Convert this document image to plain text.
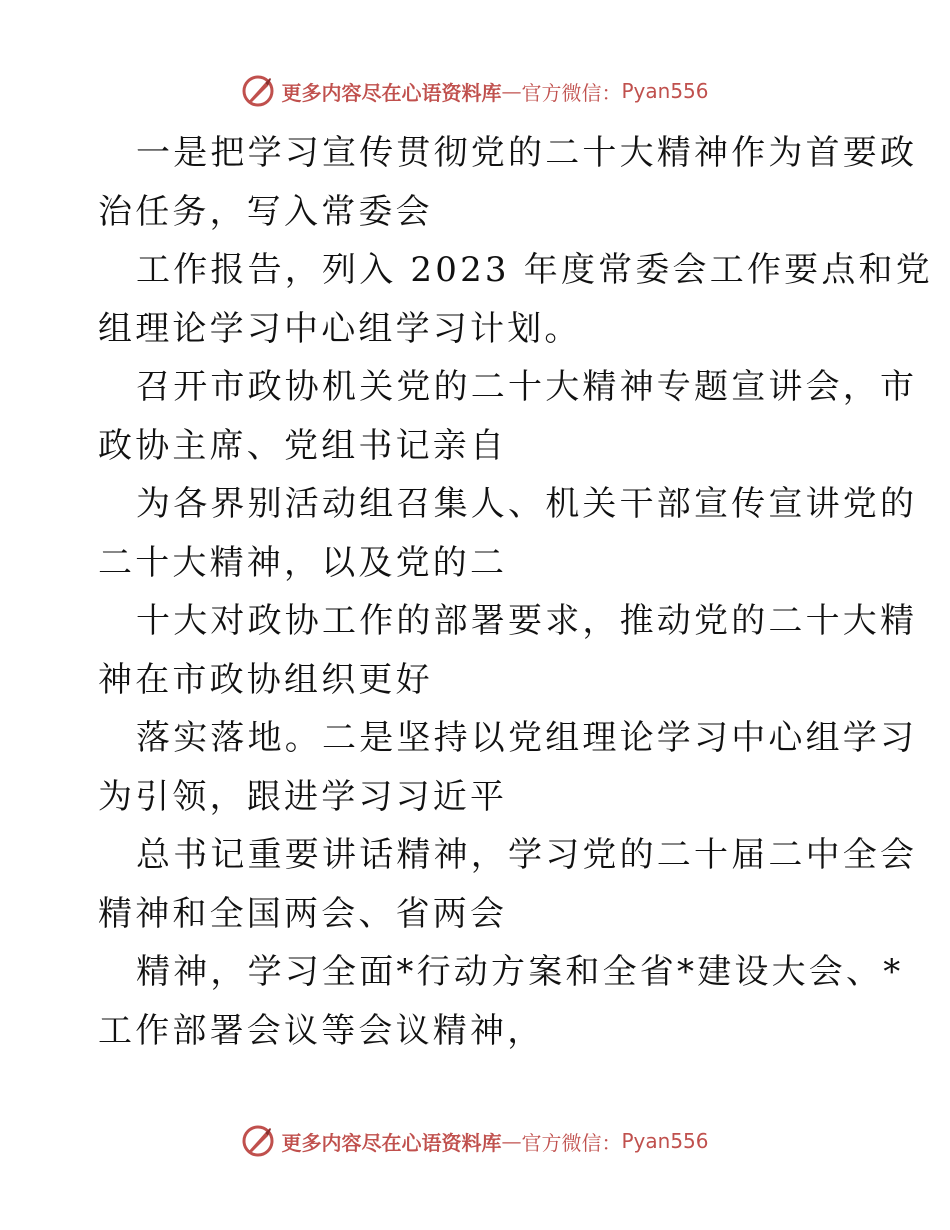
更多内容尽在心语资料库 — 官方微信： Pyan556
一是把学习宣传贯彻党的二十大精神作为首要政
治任务，写入常委会
工作报告，列入 2023 年度常委会工作要点和党
组理论学习中心组学习计划。
召开市政协机关党的二十大精神专题宣讲会，市
政协主席、党组书记亲自
为各界别活动组召集人、机关干部宣传宣讲党的
二十大精神，以及党的二
十大对政协工作的部署要求，推动党的二十大精
神在市政协组织更好
落实落地。二是坚持以党组理论学习中心组学习
为引领，跟进学习习近平
总书记重要讲话精神，学习党的二十届二中全会
精神和全国两会、省两会
精神，学习全面*行动方案和全省*建设大会、*
工作部署会议等会议精神，
更多内容尽在心语资料库 — 官方微信： Pyan556
